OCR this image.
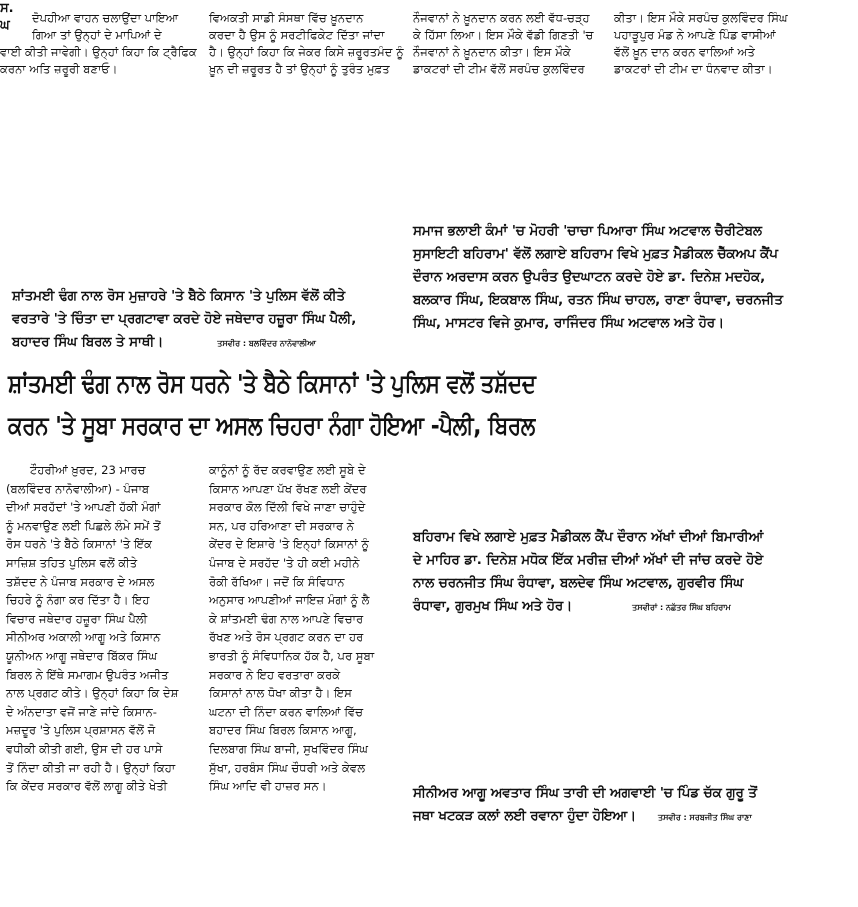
ਸ.
ਘ	ਦੋਪਹੀਆ ਵਾਹਨ ਚਲਾਉਂਦਾ ਪਾਇਆ
ਗਿਆ ਤਾਂ ਉਨ੍ਹਾਂ ਦੇ ਮਾਪਿਆਂ ਦੇ
ਵਾਈ ਕੀਤੀ ਜਾਵੇਗੀ। ਉਨ੍ਹਾਂ ਕਿਹਾ ਕਿ ਟ੍ਰੈਫਿਕ
ਕਰਨਾ ਅਤਿ ਜ਼ਰੂਰੀ ਬਣਾਓ।
ਵਿਅਕਤੀ ਸਾਡੀ ਸੰਸਥਾ ਵਿੱਚ ਖ਼ੂਨਦਾਨ
ਕਰਦਾ ਹੈ ਉਸ ਨੂੰ ਸਰਟੀਫਿਕੇਟ ਦਿੱਤਾ ਜਾਂਦਾ
ਹੈ। ਉਨ੍ਹਾਂ ਕਿਹਾ ਕਿ ਜੇਕਰ ਕਿਸੇ ਜ਼ਰੂਰਤਮੰਦ ਨੂੰ
ਖ਼ੂਨ ਦੀ ਜ਼ਰੂਰਤ ਹੈ ਤਾਂ ਉਨ੍ਹਾਂ ਨੂੰ ਤੁਰੰਤ ਮੁਫ਼ਤ
ਨੌਜਵਾਨਾਂ ਨੇ ਖ਼ੂਨਦਾਨ ਕਰਨ ਲਈ ਵੱਧ-ਚੜ੍ਹ
ਕੇ ਹਿੱਸਾ ਲਿਆ। ਇਸ ਮੌਕੇ ਵੱਡੀ ਗਿਣਤੀ 'ਚ
ਨੌਜਵਾਨਾਂ ਨੇ ਖ਼ੂਨਦਾਨ ਕੀਤਾ। ਇਸ ਮੌਕੇ
ਡਾਕਟਰਾਂ ਦੀ ਟੀਮ ਵੱਲੋਂ ਸਰਪੰਚ ਕੁਲਵਿੰਦਰ
ਕੀਤਾ। ਇਸ ਮੌਕੇ ਸਰਪੰਚ ਕੁਲਵਿੰਦਰ ਸਿੰਘ
ਪਹਾੜੂਪੁਰ ਮੰਡ ਨੇ ਆਪਣੇ ਪਿੰਡ ਵਾਸੀਆਂ
ਵੱਲੋਂ ਖ਼ੂਨ ਦਾਨ ਕਰਨ ਵਾਲਿਆਂ ਅਤੇ
ਡਾਕਟਰਾਂ ਦੀ ਟੀਮ ਦਾ ਧੰਨਵਾਦ ਕੀਤਾ।
ਸ਼ਾਂਤਮਈ ਢੰਗ ਨਾਲ ਰੋਸ ਮੁਜ਼ਾਹਰੇ 'ਤੇ ਬੈਠੇ ਕਿਸਾਨ 'ਤੇ ਪੁਲਿਸ ਵੱਲੋਂ ਕੀਤੇ
ਵਰਤਾਰੇ 'ਤੇ ਚਿੰਤਾ ਦਾ ਪ੍ਰਗਟਾਵਾ ਕਰਦੇ ਹੋਏ ਜਥੇਦਾਰ ਹਜ਼ੂਰਾ ਸਿੰਘ ਪੈਲੀ,
ਬਹਾਦਰ ਸਿੰਘ ਬਿਰਲ ਤੇ ਸਾਥੀ।	ਤਸਵੀਰ : ਬਲਵਿੰਦਰ ਨਾਨੋਵਾਲੀਆ
ਸ਼ਾਂਤਮਈ ਢੰਗ ਨਾਲ ਰੋਸ ਧਰਨੇ 'ਤੇ ਬੈਠੇ ਕਿਸਾਨਾਂ 'ਤੇ ਪੁਲਿਸ ਵਲੋਂ ਤਸ਼ੱਦਦ
ਕਰਨ 'ਤੇ ਸੂਬਾ ਸਰਕਾਰ ਦਾ ਅਸਲ ਚਿਹਰਾ ਨੰਗਾ ਹੋਇਆ -ਪੈਲੀ, ਬਿਰਲ
ਟੌਹਰੀਆਂ ਖ਼ੁਰਦ, 23 ਮਾਰਚ
(ਬਲਵਿੰਦਰ ਨਾਨੋਵਾਲੀਆ) - ਪੰਜਾਬ
ਦੀਆਂ ਸਰਹੱਦਾਂ 'ਤੇ ਆਪਣੀ ਹੱਕੀ ਮੰਗਾਂ
ਨੂੰ ਮਨਵਾਉਣ ਲਈ ਪਿਛਲੇ ਲੰਮੇ ਸਮੇਂ ਤੋਂ
ਰੋਸ ਧਰਨੇ 'ਤੇ ਬੈਠੇ ਕਿਸਾਨਾਂ 'ਤੇ ਇੱਕ
ਸਾਜ਼ਿਸ਼ ਤਹਿਤ ਪੁਲਿਸ ਵਲੋਂ ਕੀਤੇ
ਤਸ਼ੱਦਦ ਨੇ ਪੰਜਾਬ ਸਰਕਾਰ ਦੇ ਅਸਲ
ਚਿਹਰੇ ਨੂੰ ਨੰਗਾ ਕਰ ਦਿੱਤਾ ਹੈ। ਇਹ
ਵਿਚਾਰ ਜਥੇਦਾਰ ਹਜ਼ੂਰਾ ਸਿੰਘ ਪੈਲੀ
ਸੀਨੀਅਰ ਅਕਾਲੀ ਆਗੂ ਅਤੇ ਕਿਸਾਨ
ਯੂਨੀਅਨ ਆਗੂ ਜਥੇਦਾਰ ਬਿੱਕਰ ਸਿੰਘ
ਬਿਰਲ ਨੇ ਇੱਥੇ ਸਮਾਗਮ ਉਪਰੰਤ ਅਜੀਤ
ਨਾਲ ਪ੍ਰਗਟ ਕੀਤੇ। ਉਨ੍ਹਾਂ ਕਿਹਾ ਕਿ ਦੇਸ਼
ਦੇ ਅੰਨਦਾਤਾ ਵਜੋਂ ਜਾਣੇ ਜਾਂਦੇ ਕਿਸਾਨ-
ਮਜ਼ਦੂਰ 'ਤੇ ਪੁਲਿਸ ਪ੍ਰਸ਼ਾਸਨ ਵੱਲੋਂ ਜੋ
ਵਧੀਕੀ ਕੀਤੀ ਗਈ, ਉਸ ਦੀ ਹਰ ਪਾਸੇ
ਤੋਂ ਨਿੰਦਾ ਕੀਤੀ ਜਾ ਰਹੀ ਹੈ। ਉਨ੍ਹਾਂ ਕਿਹਾ
ਕਿ ਕੇਂਦਰ ਸਰਕਾਰ ਵੱਲੋਂ ਲਾਗੂ ਕੀਤੇ ਖੇਤੀ
ਕਾਨੂੰਨਾਂ ਨੂੰ ਰੱਦ ਕਰਵਾਉਣ ਲਈ ਸੂਬੇ ਦੇ
ਕਿਸਾਨ ਆਪਣਾ ਪੱਖ ਰੱਖਣ ਲਈ ਕੇਂਦਰ
ਸਰਕਾਰ ਕੋਲ ਦਿੱਲੀ ਵਿਖੇ ਜਾਣਾ ਚਾਹੁੰਦੇ
ਸਨ, ਪਰ ਹਰਿਆਣਾ ਦੀ ਸਰਕਾਰ ਨੇ
ਕੇਂਦਰ ਦੇ ਇਸ਼ਾਰੇ 'ਤੇ ਇਨ੍ਹਾਂ ਕਿਸਾਨਾਂ ਨੂੰ
ਪੰਜਾਬ ਦੇ ਸਰਹੱਦ 'ਤੇ ਹੀ ਕਈ ਮਹੀਨੇ
ਰੋਕੀ ਰੱਖਿਆ। ਜਦੋਂ ਕਿ ਸੰਵਿਧਾਨ
ਅਨੁਸਾਰ ਆਪਣੀਆਂ ਜਾਇਜ਼ ਮੰਗਾਂ ਨੂੰ ਲੈ
ਕੇ ਸ਼ਾਂਤਮਈ ਢੰਗ ਨਾਲ ਆਪਣੇ ਵਿਚਾਰ
ਰੱਖਣ ਅਤੇ ਰੋਸ ਪ੍ਰਗਟ ਕਰਨ ਦਾ ਹਰ
ਭਾਰਤੀ ਨੂੰ ਸੰਵਿਧਾਨਿਕ ਹੱਕ ਹੈ, ਪਰ ਸੂਬਾ
ਸਰਕਾਰ ਨੇ ਇਹ ਵਰਤਾਰਾ ਕਰਕੇ
ਕਿਸਾਨਾਂ ਨਾਲ ਧੋਖਾ ਕੀਤਾ ਹੈ। ਇਸ
ਘਟਨਾ ਦੀ ਨਿੰਦਾ ਕਰਨ ਵਾਲਿਆਂ ਵਿੱਚ
ਬਹਾਦਰ ਸਿੰਘ ਬਿਰਲ ਕਿਸਾਨ ਆਗੂ,
ਦਿਲਬਾਗ ਸਿੰਘ ਬਾਜੀ, ਸੁਖਵਿੰਦਰ ਸਿੰਘ
ਸੁੱਖਾ, ਹਰਬੰਸ ਸਿੰਘ ਚੌਧਰੀ ਅਤੇ ਕੇਵਲ
ਸਿੰਘ ਆਦਿ ਵੀ ਹਾਜ਼ਰ ਸਨ।
ਸਮਾਜ ਭਲਾਈ ਕੰਮਾਂ 'ਚ ਮੋਹਰੀ 'ਚਾਚਾ ਪਿਆਰਾ ਸਿੰਘ ਅਟਵਾਲ ਚੈਰੀਟੇਬਲ
ਸੁਸਾਇਟੀ ਬਹਿਰਾਮ' ਵੱਲੋਂ ਲਗਾਏ ਬਹਿਰਾਮ ਵਿਖੇ ਮੁਫ਼ਤ ਮੈਡੀਕਲ ਚੈੱਕਅਪ ਕੈਂਪ
ਦੌਰਾਨ ਅਰਦਾਸ ਕਰਨ ਉਪਰੰਤ ਉਦਘਾਟਨ ਕਰਦੇ ਹੋਏ ਡਾ. ਦਿਨੇਸ਼ ਮਦਹੋਕ,
ਬਲਕਾਰ ਸਿੰਘ, ਇਕਬਾਲ ਸਿੰਘ, ਰਤਨ ਸਿੰਘ ਚਾਹਲ, ਰਾਣਾ ਰੰਧਾਵਾ, ਚਰਨਜੀਤ
ਸਿੰਘ, ਮਾਸਟਰ ਵਿਜੇ ਕੁਮਾਰ, ਰਾਜਿੰਦਰ ਸਿੰਘ ਅਟਵਾਲ ਅਤੇ ਹੋਰ।
ਬਹਿਰਾਮ ਵਿਖੇ ਲਗਾਏ ਮੁਫ਼ਤ ਮੈਡੀਕਲ ਕੈਂਪ ਦੌਰਾਨ ਅੱਖਾਂ ਦੀਆਂ ਬਿਮਾਰੀਆਂ
ਦੇ ਮਾਹਿਰ ਡਾ. ਦਿਨੇਸ਼ ਮਧੋਕ ਇੱਕ ਮਰੀਜ਼ ਦੀਆਂ ਅੱਖਾਂ ਦੀ ਜਾਂਚ ਕਰਦੇ ਹੋਏ
ਨਾਲ ਚਰਨਜੀਤ ਸਿੰਘ ਰੰਧਾਵਾ, ਬਲਦੇਵ ਸਿੰਘ ਅਟਵਾਲ, ਗੁਰਵੀਰ ਸਿੰਘ
ਰੰਧਾਵਾ, ਗੁਰਮੁਖ ਸਿੰਘ ਅਤੇ ਹੋਰ।	ਤਸਵੀਰਾਂ : ਨਛੱਤਰ ਸਿੰਘ ਬਹਿਰਾਮ
ਸੀਨੀਅਰ ਆਗੂ ਅਵਤਾਰ ਸਿੰਘ ਤਾਰੀ ਦੀ ਅਗਵਾਈ 'ਚ ਪਿੰਡ ਚੱਕ ਗੁਰੂ ਤੋਂ
ਜਥਾ ਖਟਕੜ ਕਲਾਂ ਲਈ ਰਵਾਨਾ ਹੁੰਦਾ ਹੋਇਆ।	ਤਸਵੀਰ : ਸਰਬਜੀਤ ਸਿੰਘ ਰਾਣਾ
